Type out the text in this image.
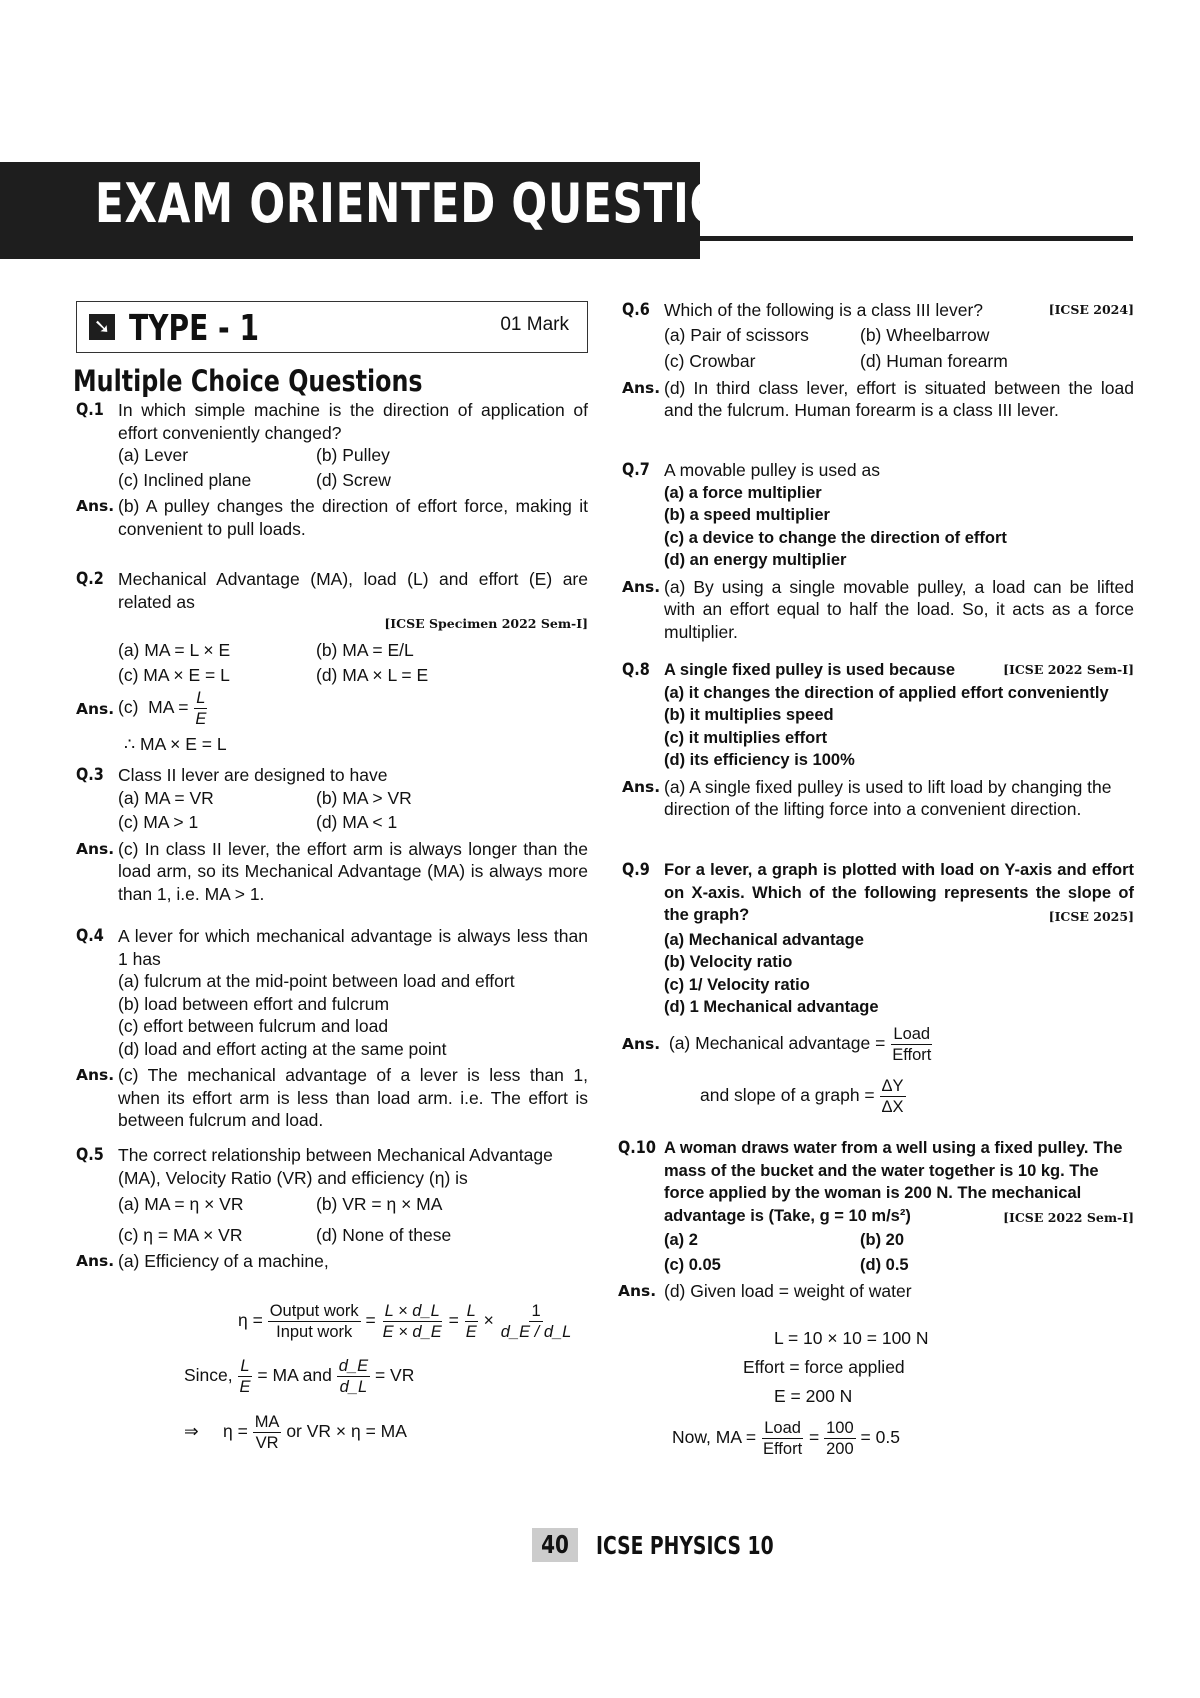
EXAM ORIENTED QUESTIONS
➘ TYPE - 1	01 Mark
Multiple Choice Questions
Q.1 In which simple machine is the direction of application of effort conveniently changed?
(a) Lever	(b) Pulley
(c) Inclined plane	(d) Screw
Ans. (b) A pulley changes the direction of effort force, making it convenient to pull loads.
Q.2 Mechanical Advantage (MA), load (L) and effort (E) are related as
[ICSE Specimen 2022 Sem-I]
(a) MA = L × E	(b) MA = E/L
(c) MA × E = L	(d) MA × L = E
Ans. (c) MA = $\frac{L}{E}$
∴ MA × E = L
Q.3 Class II lever are designed to have
(a) MA = VR	(b) MA > VR
(c) MA > 1	(d) MA < 1
Ans. (c) In class II lever, the effort arm is always longer than the load arm, so its Mechanical Advantage (MA) is always more than 1, i.e. MA > 1.
Q.4 A lever for which mechanical advantage is always less than 1 has
(a) fulcrum at the mid-point between load and effort
(b) load between effort and fulcrum
(c) effort between fulcrum and load
(d) load and effort acting at the same point
Ans. (c) The mechanical advantage of a lever is less than 1, when its effort arm is less than load arm. i.e. The effort is between fulcrum and load.
Q.5 The correct relationship between Mechanical Advantage (MA), Velocity Ratio (VR) and efficiency (η) is
(a) MA = η × VR	(b) VR = η × MA
(c) η = MA × VR	(d) None of these
Ans. (a) Efficiency of a machine,
$\eta = \frac{\text{Output work}}{\text{Input work}} = \frac{L \times d\_L}{E \times d\_E} = \frac{L}{E} \times \frac{1}{d\_E / d\_L}$
Since, $\frac{L}{E}$ = MA and $\frac{d\_E}{d\_L}$ = VR
⇒ $\eta = \frac{MA}{VR}$ or VR × η = MA
Q.6 Which of the following is a class III lever?	[ICSE 2024]
(a) Pair of scissors	(b) Wheelbarrow
(c) Crowbar	(d) Human forearm
Ans. (d) In third class lever, effort is situated between the load and the fulcrum. Human forearm is a class III lever.
Q.7 A movable pulley is used as
(a) a force multiplier
(b) a speed multiplier
(c) a device to change the direction of effort
(d) an energy multiplier
Ans. (a) By using a single movable pulley, a load can be lifted with an effort equal to half the load. So, it acts as a force multiplier.
Q.8 A single fixed pulley is used because	[ICSE 2022 Sem-I]
(a) it changes the direction of applied effort conveniently
(b) it multiplies speed
(c) it multiplies effort
(d) its efficiency is 100%
Ans. (a) A single fixed pulley is used to lift load by changing the direction of the lifting force into a convenient direction.
Q.9 For a lever, a graph is plotted with load on Y-axis and effort on X-axis. Which of the following represents the slope of the graph?	[ICSE 2025]
(a) Mechanical advantage
(b) Velocity ratio
(c) 1/ Velocity ratio
(d) 1 Mechanical advantage
Ans. (a) Mechanical advantage = $\frac{\text{Load}}{\text{Effort}}$
and slope of a graph = $\frac{\Delta Y}{\Delta X}$
Q.10 A woman draws water from a well using a fixed pulley. The mass of the bucket and the water together is 10 kg. The force applied by the woman is 200 N. The mechanical advantage is (Take, g = 10 m/s²)	[ICSE 2022 Sem-I]
(a) 2	(b) 20
(c) 0.05	(d) 0.5
Ans. (d) Given load = weight of water
L = 10 × 10 = 100 N
Effort = force applied
E = 200 N
Now, MA = $\frac{\text{Load}}{\text{Effort}} = \frac{100}{200} = 0.5$
40 ICSE PHYSICS 10
